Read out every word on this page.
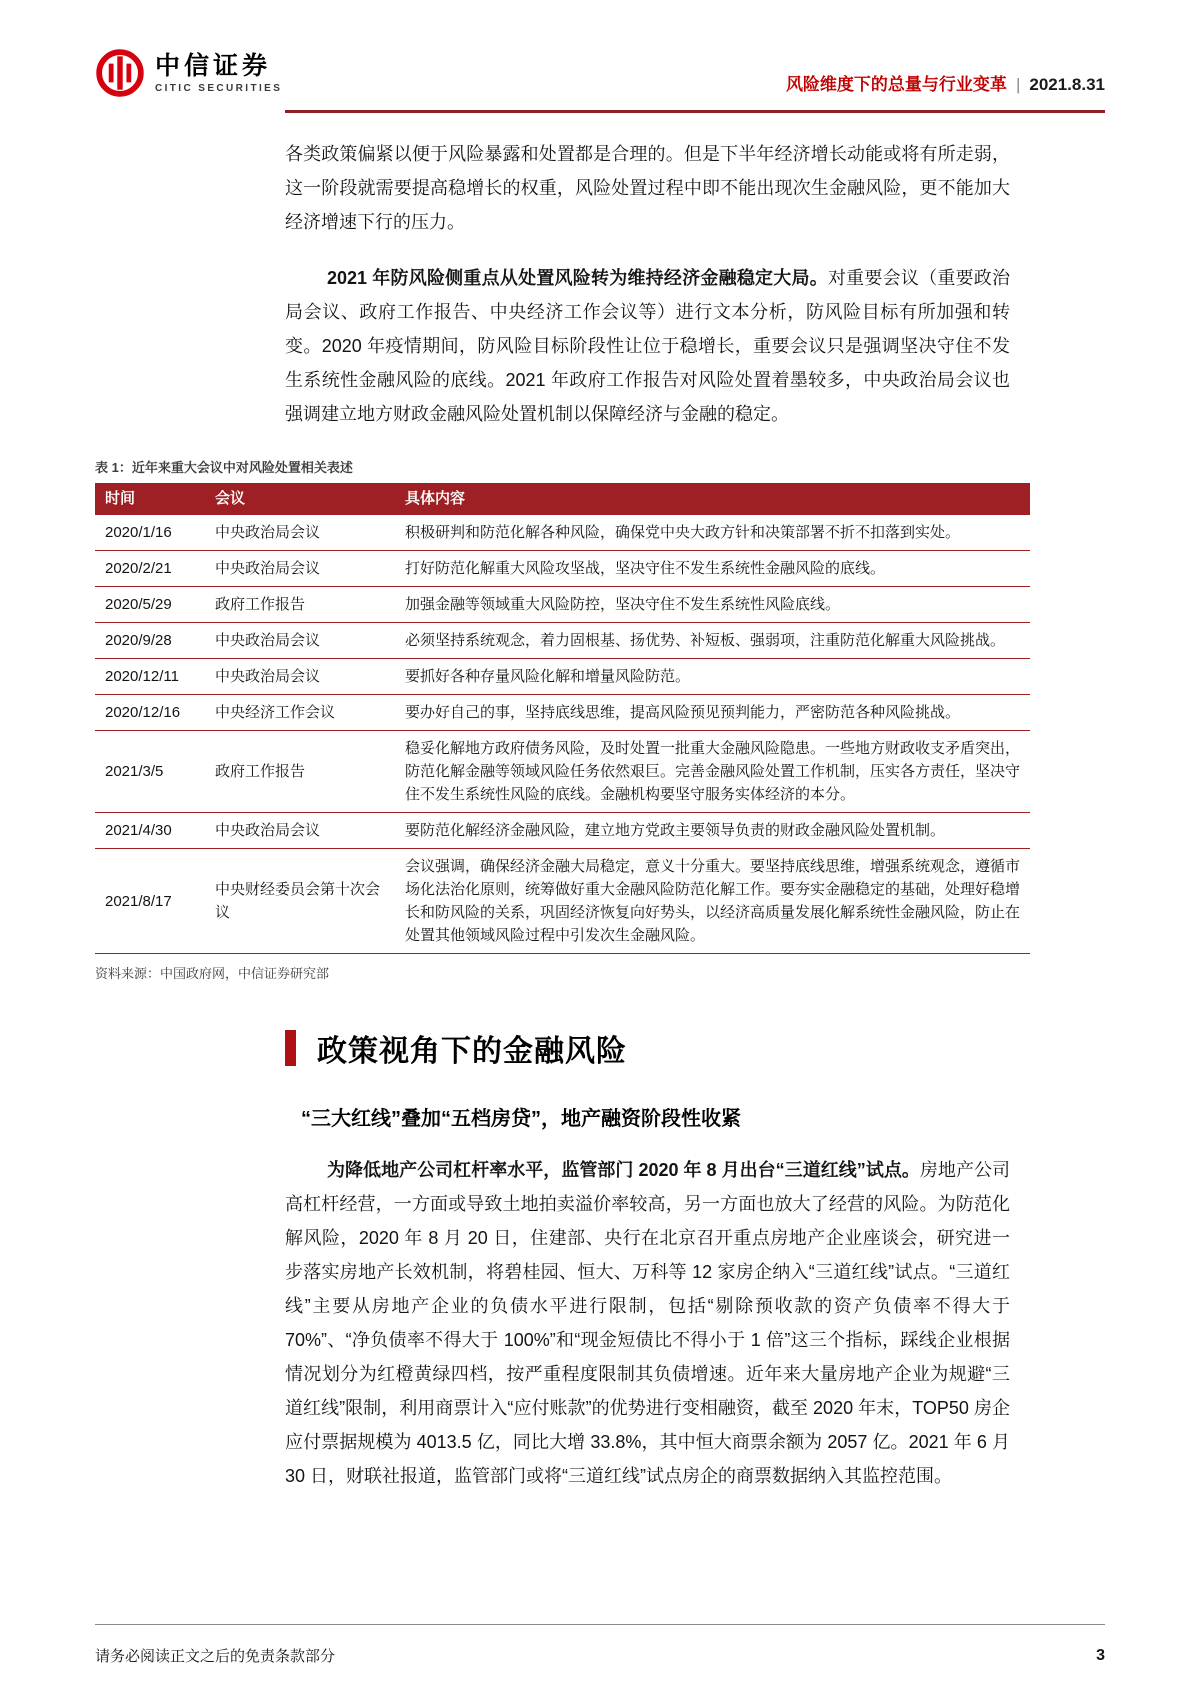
中信证券
CITIC SECURITIES	风险维度下的总量与行业变革 | 2021.8.31

各类政策偏紧以便于风险暴露和处置都是合理的。但是下半年经济增长动能或将有所走弱，这一阶段就需要提高稳增长的权重，风险处置过程中即不能出现次生金融风险，更不能加大经济增速下行的压力。

2021 年防风险侧重点从处置风险转为维持经济金融稳定大局。对重要会议（重要政治局会议、政府工作报告、中央经济工作会议等）进行文本分析，防风险目标有所加强和转变。2020 年疫情期间，防风险目标阶段性让位于稳增长，重要会议只是强调坚决守住不发生系统性金融风险的底线。2021 年政府工作报告对风险处置着墨较多，中央政治局会议也强调建立地方财政金融风险处置机制以保障经济与金融的稳定。

表 1：近年来重大会议中对风险处置相关表述
时间	会议	具体内容
2020/1/16	中央政治局会议	积极研判和防范化解各种风险，确保党中央大政方针和决策部署不折不扣落到实处。
2020/2/21	中央政治局会议	打好防范化解重大风险攻坚战，坚决守住不发生系统性金融风险的底线。
2020/5/29	政府工作报告	加强金融等领域重大风险防控，坚决守住不发生系统性风险底线。
2020/9/28	中央政治局会议	必须坚持系统观念，着力固根基、扬优势、补短板、强弱项，注重防范化解重大风险挑战。
2020/12/11	中央政治局会议	要抓好各种存量风险化解和增量风险防范。
2020/12/16	中央经济工作会议	要办好自己的事，坚持底线思维，提高风险预见预判能力，严密防范各种风险挑战。
2021/3/5	政府工作报告	稳妥化解地方政府债务风险，及时处置一批重大金融风险隐患。一些地方财政收支矛盾突出，防范化解金融等领域风险任务依然艰巨。完善金融风险处置工作机制，压实各方责任，坚决守住不发生系统性风险的底线。金融机构要坚守服务实体经济的本分。
2021/4/30	中央政治局会议	要防范化解经济金融风险，建立地方党政主要领导负责的财政金融风险处置机制。
2021/8/17	中央财经委员会第十次会议	会议强调，确保经济金融大局稳定，意义十分重大。要坚持底线思维，增强系统观念，遵循市场化法治化原则，统筹做好重大金融风险防范化解工作。要夯实金融稳定的基础，处理好稳增长和防风险的关系，巩固经济恢复向好势头，以经济高质量发展化解系统性金融风险，防止在处置其他领域风险过程中引发次生金融风险。
资料来源：中国政府网，中信证券研究部
政策视角下的金融风险
“三大红线”叠加“五档房贷”，地产融资阶段性收紧

为降低地产公司杠杆率水平，监管部门 2020 年 8 月出台“三道红线”试点。房地产公司高杠杆经营，一方面或导致土地拍卖溢价率较高，另一方面也放大了经营的风险。为防范化解风险，2020 年 8 月 20 日，住建部、央行在北京召开重点房地产企业座谈会，研究进一步落实房地产长效机制，将碧桂园、恒大、万科等 12 家房企纳入“三道红线”试点。“三道红线”主要从房地产企业的负债水平进行限制，包括“剔除预收款的资产负债率不得大于 70%”、“净负债率不得大于 100%”和“现金短债比不得小于 1 倍”这三个指标，踩线企业根据情况划分为红橙黄绿四档，按严重程度限制其负债增速。近年来大量房地产企业为规避“三道红线”限制，利用商票计入“应付账款”的优势进行变相融资，截至 2020 年末，TOP50 房企应付票据规模为 4013.5 亿，同比大增 33.8%，其中恒大商票余额为 2057 亿。2021 年 6 月 30 日，财联社报道，监管部门或将“三道红线”试点房企的商票数据纳入其监控范围。

请务必阅读正文之后的免责条款部分	3
